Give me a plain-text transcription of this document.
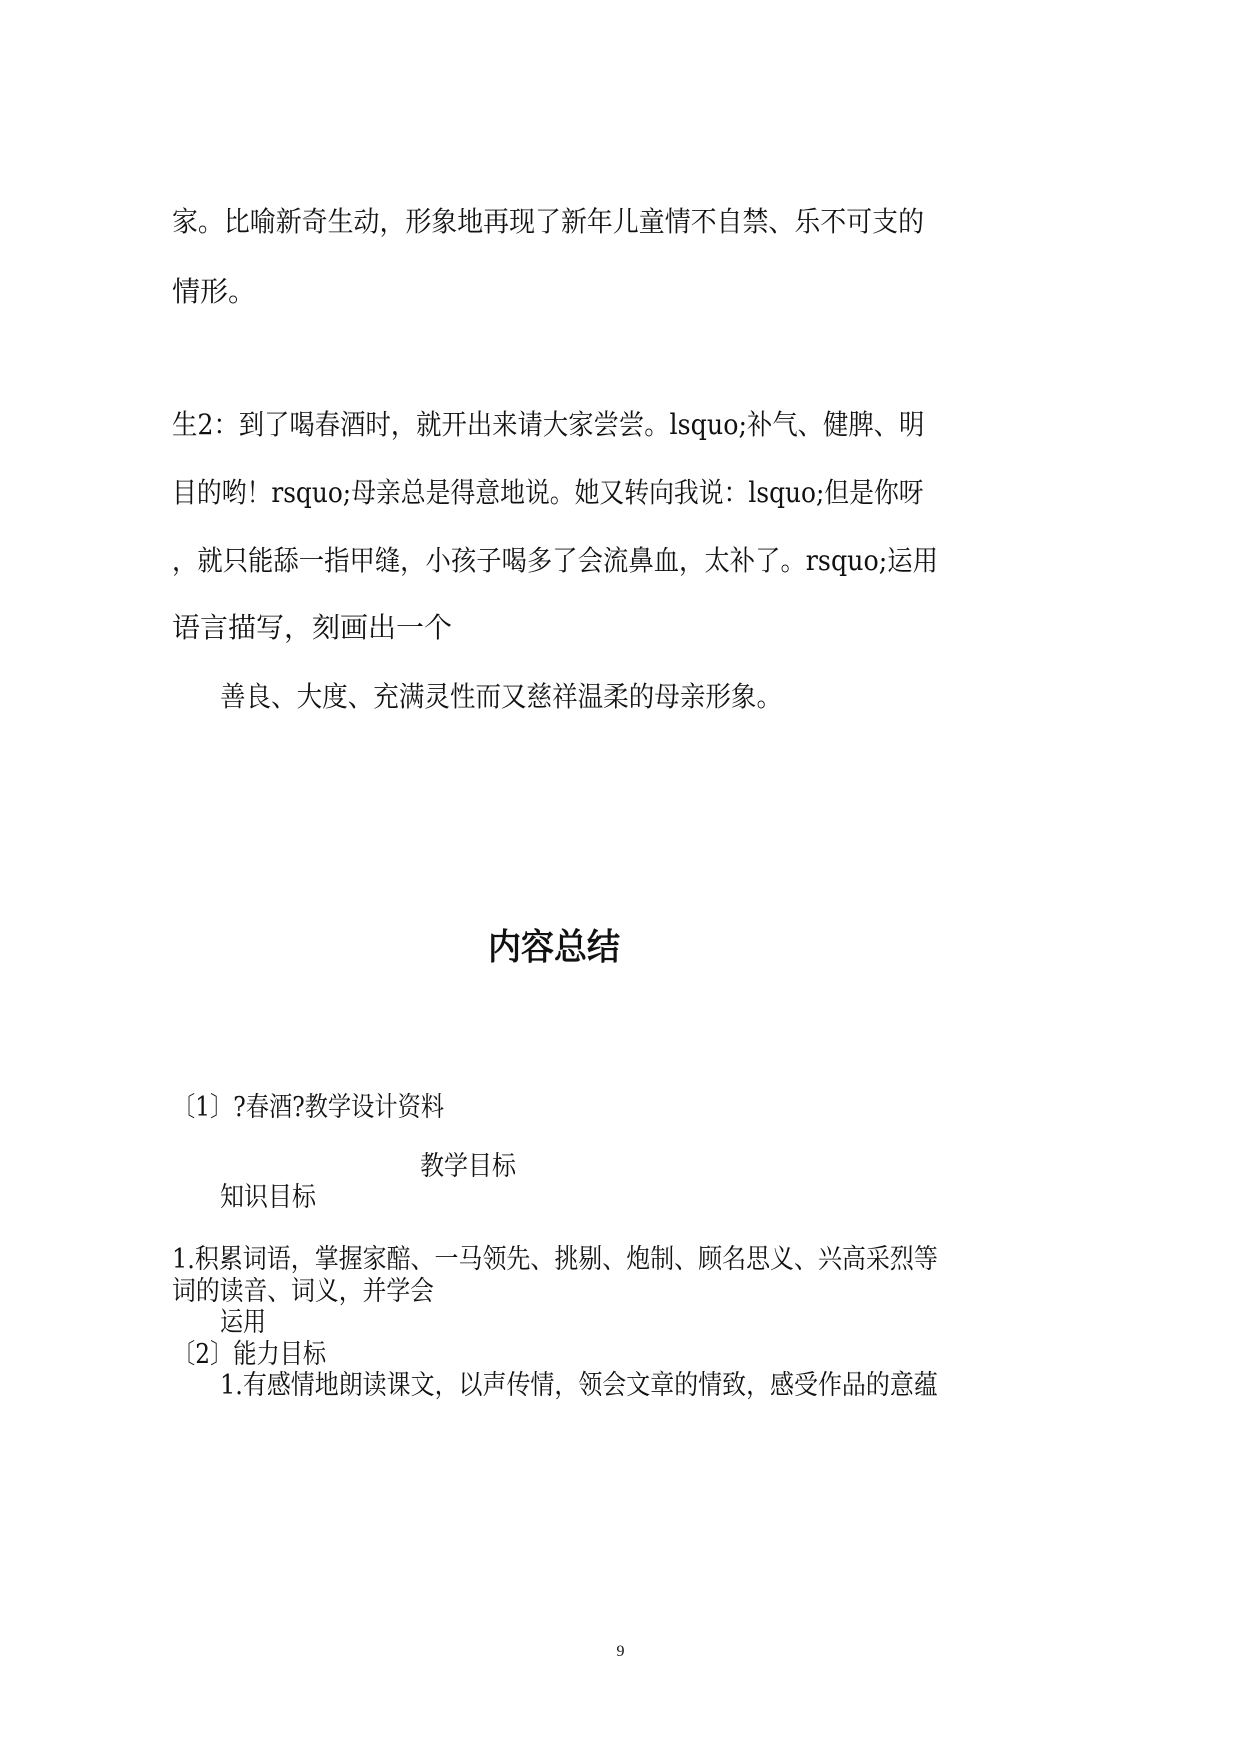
家。比喻新奇生动，形象地再现了新年儿童情不自禁、乐不可支的

情形。

生2：到了喝春酒时，就开出来请大家尝尝。lsquo;补气、健脾、明

目的哟！rsquo;母亲总是得意地说。她又转向我说：lsquo;但是你呀

，就只能舔一指甲缝，小孩子喝多了会流鼻血，太补了。rsquo;运用

语言描写，刻画出一个

善良、大度、充满灵性而又慈祥温柔的母亲形象。

内容总结

〔1〕?春酒?教学设计资料

教学目标

知识目标

1.积累词语，掌握家醅、一马领先、挑剔、炮制、顾名思义、兴高采烈等

词的读音、词义，并学会

运用

〔2〕能力目标

1.有感情地朗读课文，以声传情，领会文章的情致，感受作品的意蕴

9
